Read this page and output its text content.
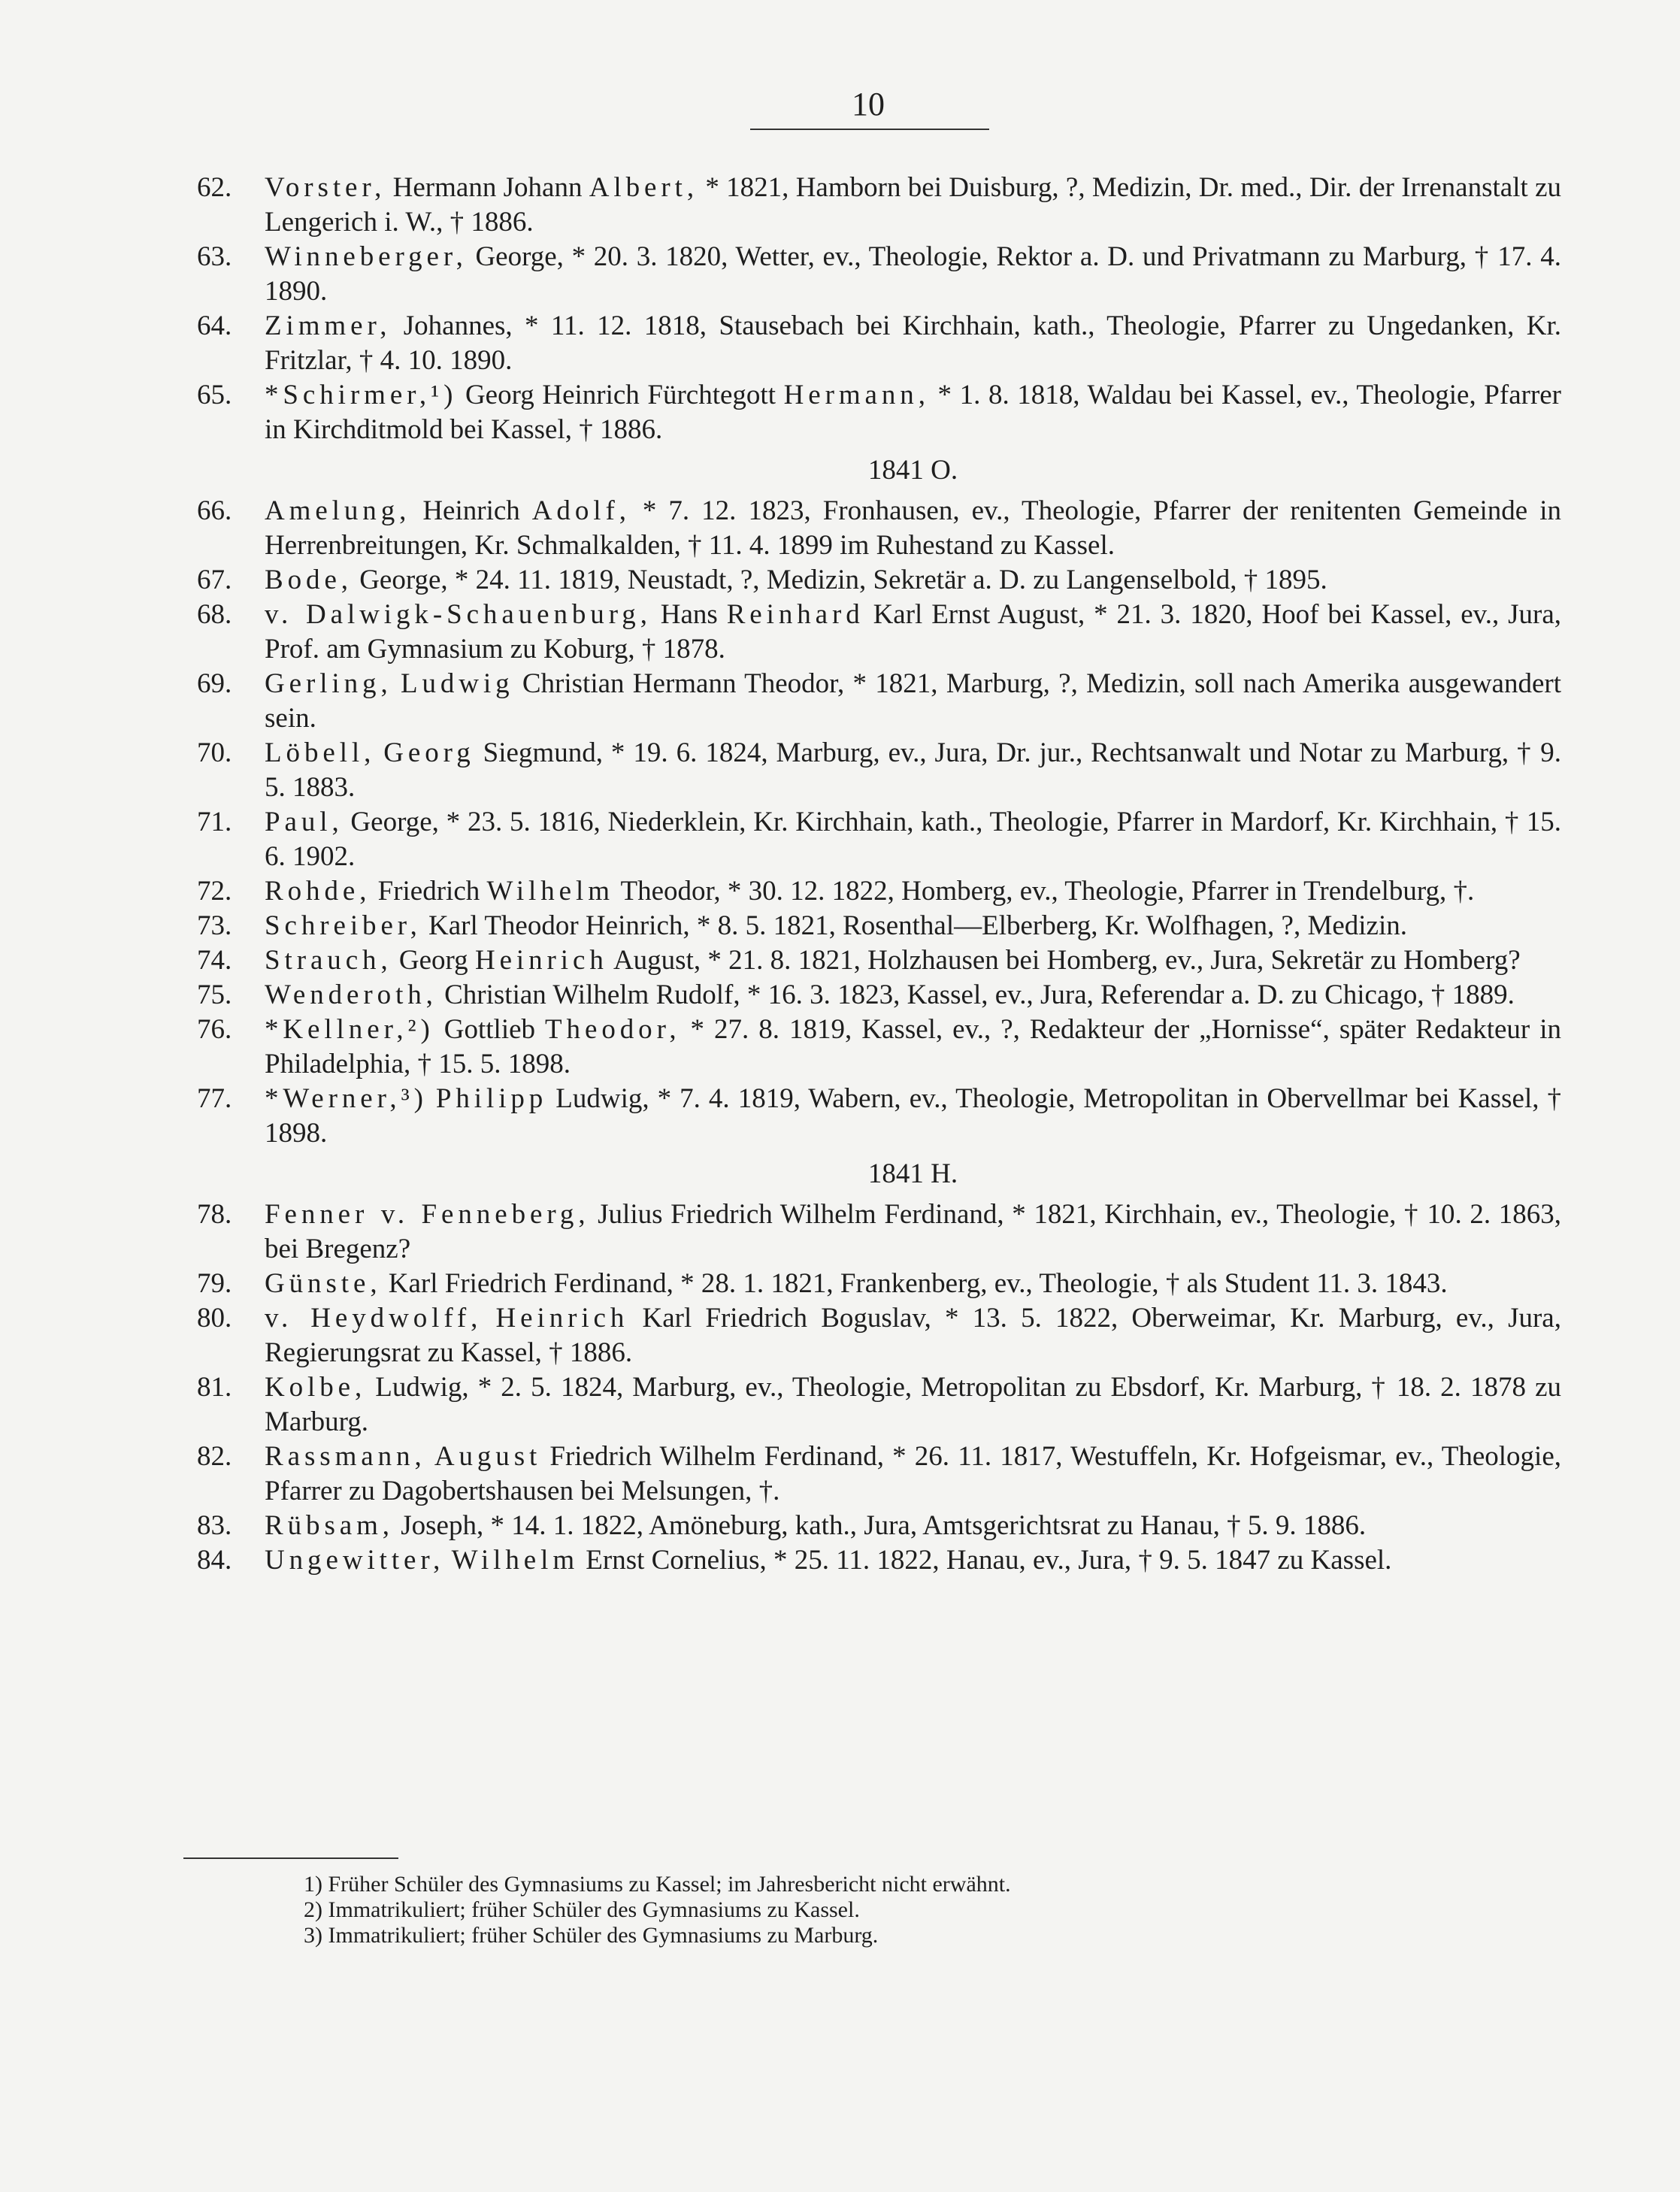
10
62.	Vorster, Hermann Johann Albert, * 1821, Hamborn bei Duisburg, ?, Medizin, Dr. med., Dir. der Irrenanstalt zu Lengerich i. W., † 1886.
63.	Winneberger, George, * 20. 3. 1820, Wetter, ev., Theologie, Rektor a. D. und Privatmann zu Marburg, † 17. 4. 1890.
64.	Zimmer, Johannes, * 11. 12. 1818, Stausebach bei Kirchhain, kath., Theologie, Pfarrer zu Ungedanken, Kr. Fritzlar, † 4. 10. 1890.
65.	*Schirmer,¹) Georg Heinrich Fürchtegott Hermann, * 1. 8. 1818, Waldau bei Kassel, ev., Theologie, Pfarrer in Kirchditmold bei Kassel, † 1886.
1841 O.
66.	Amelung, Heinrich Adolf, * 7. 12. 1823, Fronhausen, ev., Theologie, Pfarrer der renitenten Gemeinde in Herrenbreitungen, Kr. Schmalkalden, † 11. 4. 1899 im Ruhestand zu Kassel.
67.	Bode, George, * 24. 11. 1819, Neustadt, ?, Medizin, Sekretär a. D. zu Langenselbold, † 1895.
68.	v. Dalwigk-Schauenburg, Hans Reinhard Karl Ernst August, * 21. 3. 1820, Hoof bei Kassel, ev., Jura, Prof. am Gymnasium zu Koburg, † 1878.
69.	Gerling, Ludwig Christian Hermann Theodor, * 1821, Marburg, ?, Medizin, soll nach Amerika ausgewandert sein.
70.	Löbell, Georg Siegmund, * 19. 6. 1824, Marburg, ev., Jura, Dr. jur., Rechtsanwalt und Notar zu Marburg, † 9. 5. 1883.
71.	Paul, George, * 23. 5. 1816, Niederklein, Kr. Kirchhain, kath., Theologie, Pfarrer in Mardorf, Kr. Kirchhain, † 15. 6. 1902.
72.	Rohde, Friedrich Wilhelm Theodor, * 30. 12. 1822, Homberg, ev., Theologie, Pfarrer in Trendelburg, †.
73.	Schreiber, Karl Theodor Heinrich, * 8. 5. 1821, Rosenthal—Elberberg, Kr. Wolfhagen, ?, Medizin.
74.	Strauch, Georg Heinrich August, * 21. 8. 1821, Holzhausen bei Homberg, ev., Jura, Sekretär zu Homberg?
75.	Wenderoth, Christian Wilhelm Rudolf, * 16. 3. 1823, Kassel, ev., Jura, Referendar a. D. zu Chicago, † 1889.
76.	*Kellner,²) Gottlieb Theodor, * 27. 8. 1819, Kassel, ev., ?, Redakteur der „Hornisse“, später Redakteur in Philadelphia, † 15. 5. 1898.
77.	*Werner,³) Philipp Ludwig, * 7. 4. 1819, Wabern, ev., Theologie, Metropolitan in Obervellmar bei Kassel, † 1898.
1841 H.
78.	Fenner v. Fenneberg, Julius Friedrich Wilhelm Ferdinand, * 1821, Kirchhain, ev., Theologie, † 10. 2. 1863, bei Bregenz?
79.	Günste, Karl Friedrich Ferdinand, * 28. 1. 1821, Frankenberg, ev., Theologie, † als Student 11. 3. 1843.
80.	v. Heydwolff, Heinrich Karl Friedrich Boguslav, * 13. 5. 1822, Oberweimar, Kr. Marburg, ev., Jura, Regierungsrat zu Kassel, † 1886.
81.	Kolbe, Ludwig, * 2. 5. 1824, Marburg, ev., Theologie, Metropolitan zu Ebsdorf, Kr. Marburg, † 18. 2. 1878 zu Marburg.
82.	Rassmann, August Friedrich Wilhelm Ferdinand, * 26. 11. 1817, Westuffeln, Kr. Hofgeismar, ev., Theologie, Pfarrer zu Dagobertshausen bei Melsungen, †.
83.	Rübsam, Joseph, * 14. 1. 1822, Amöneburg, kath., Jura, Amtsgerichtsrat zu Hanau, † 5. 9. 1886.
84.	Ungewitter, Wilhelm Ernst Cornelius, * 25. 11. 1822, Hanau, ev., Jura, † 9. 5. 1847 zu Kassel.
1) Früher Schüler des Gymnasiums zu Kassel; im Jahresbericht nicht erwähnt.
2) Immatrikuliert; früher Schüler des Gymnasiums zu Kassel.
3) Immatrikuliert; früher Schüler des Gymnasiums zu Marburg.
